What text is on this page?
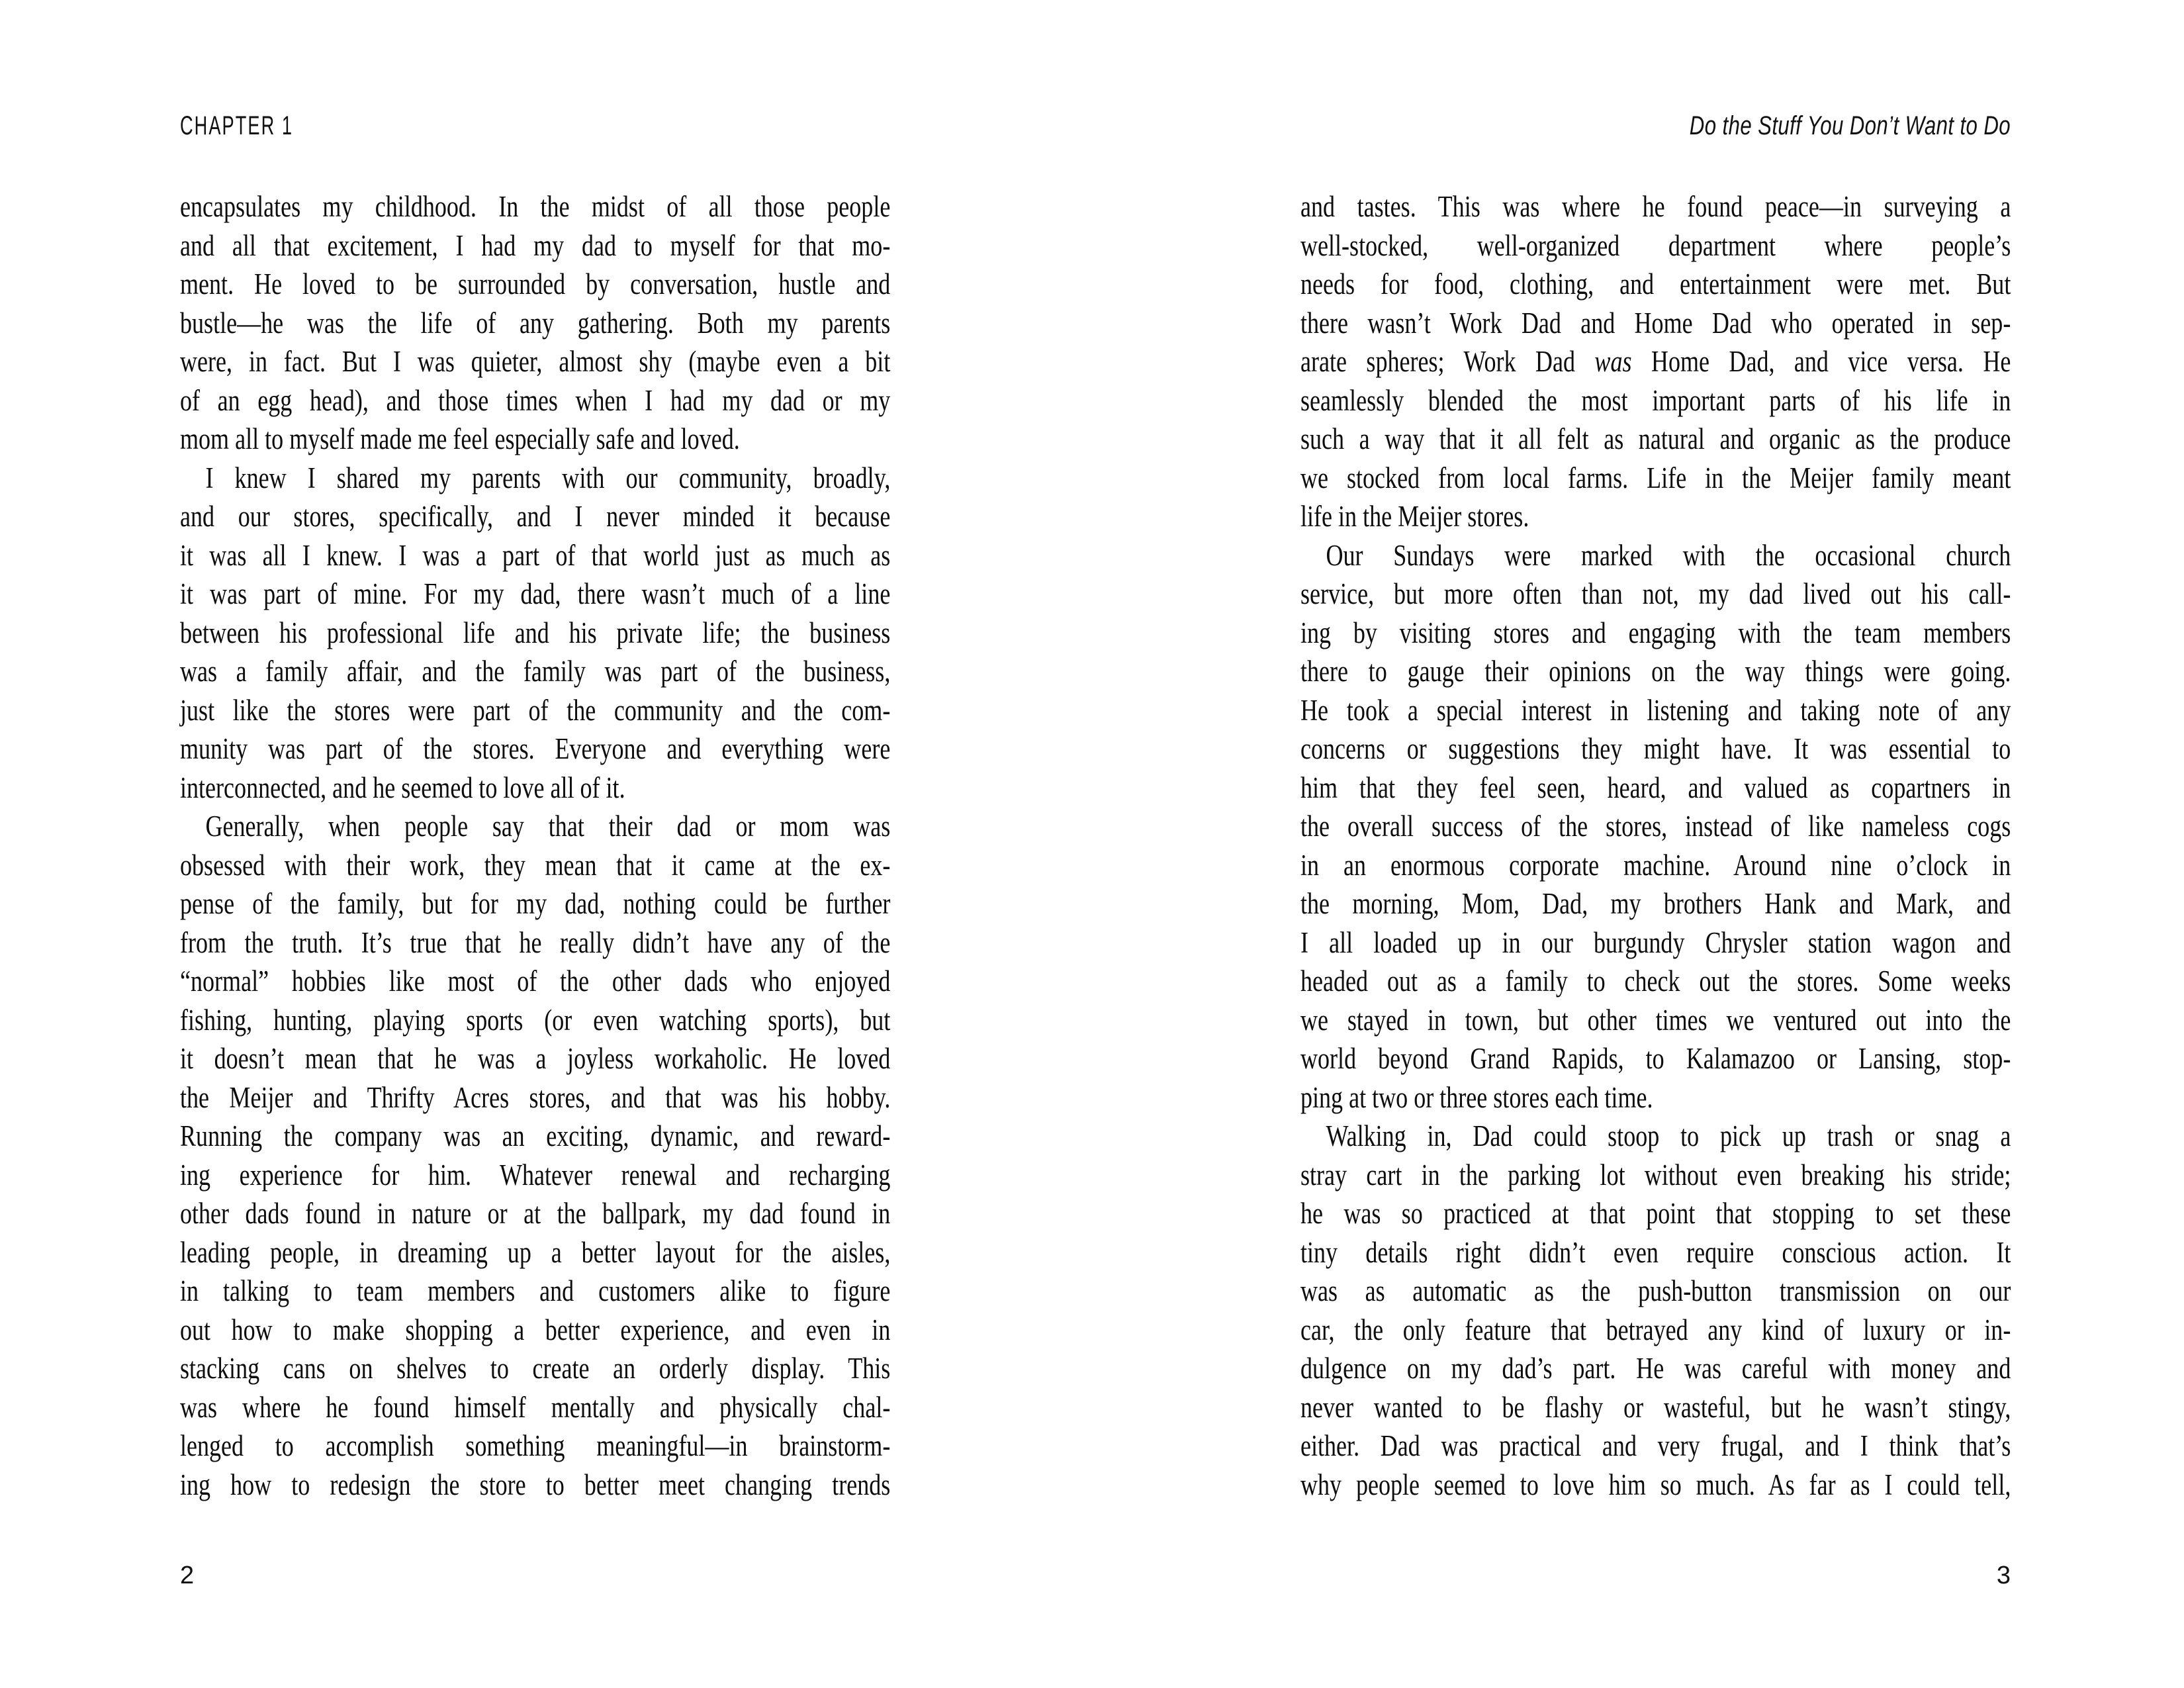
CHAPTER 1
encapsulates my childhood. In the midst of all those people
and all that excitement, I had my dad to myself for that mo-
ment. He loved to be surrounded by conversation, hustle and
bustle—he was the life of any gathering. Both my parents
were, in fact. But I was quieter, almost shy (maybe even a bit
of an egg head), and those times when I had my dad or my
mom all to myself made me feel especially safe and loved.
I knew I shared my parents with our community, broadly,
and our stores, specifically, and I never minded it because
it was all I knew. I was a part of that world just as much as
it was part of mine. For my dad, there wasn’t much of a line
between his professional life and his private life; the business
was a family affair, and the family was part of the business,
just like the stores were part of the community and the com-
munity was part of the stores. Everyone and everything were
interconnected, and he seemed to love all of it.
Generally, when people say that their dad or mom was
obsessed with their work, they mean that it came at the ex-
pense of the family, but for my dad, nothing could be further
from the truth. It’s true that he really didn’t have any of the
“normal” hobbies like most of the other dads who enjoyed
fishing, hunting, playing sports (or even watching sports), but
it doesn’t mean that he was a joyless workaholic. He loved
the Meijer and Thrifty Acres stores, and that was his hobby.
Running the company was an exciting, dynamic, and reward-
ing experience for him. Whatever renewal and recharging
other dads found in nature or at the ballpark, my dad found in
leading people, in dreaming up a better layout for the aisles,
in talking to team members and customers alike to figure
out how to make shopping a better experience, and even in
stacking cans on shelves to create an orderly display. This
was where he found himself mentally and physically chal-
lenged to accomplish something meaningful—in brainstorm-
ing how to redesign the store to better meet changing trends
2
Do the Stuff You Don’t Want to Do
and tastes. This was where he found peace—in surveying a
well-stocked, well-organized department where people’s
needs for food, clothing, and entertainment were met. But
there wasn’t Work Dad and Home Dad who operated in sep-
arate spheres; Work Dad was Home Dad, and vice versa. He
seamlessly blended the most important parts of his life in
such a way that it all felt as natural and organic as the produce
we stocked from local farms. Life in the Meijer family meant
life in the Meijer stores.
Our Sundays were marked with the occasional church
service, but more often than not, my dad lived out his call-
ing by visiting stores and engaging with the team members
there to gauge their opinions on the way things were going.
He took a special interest in listening and taking note of any
concerns or suggestions they might have. It was essential to
him that they feel seen, heard, and valued as copartners in
the overall success of the stores, instead of like nameless cogs
in an enormous corporate machine. Around nine o’clock in
the morning, Mom, Dad, my brothers Hank and Mark, and
I all loaded up in our burgundy Chrysler station wagon and
headed out as a family to check out the stores. Some weeks
we stayed in town, but other times we ventured out into the
world beyond Grand Rapids, to Kalamazoo or Lansing, stop-
ping at two or three stores each time.
Walking in, Dad could stoop to pick up trash or snag a
stray cart in the parking lot without even breaking his stride;
he was so practiced at that point that stopping to set these
tiny details right didn’t even require conscious action. It
was as automatic as the push-button transmission on our
car, the only feature that betrayed any kind of luxury or in-
dulgence on my dad’s part. He was careful with money and
never wanted to be flashy or wasteful, but he wasn’t stingy,
either. Dad was practical and very frugal, and I think that’s
why people seemed to love him so much. As far as I could tell,
3
